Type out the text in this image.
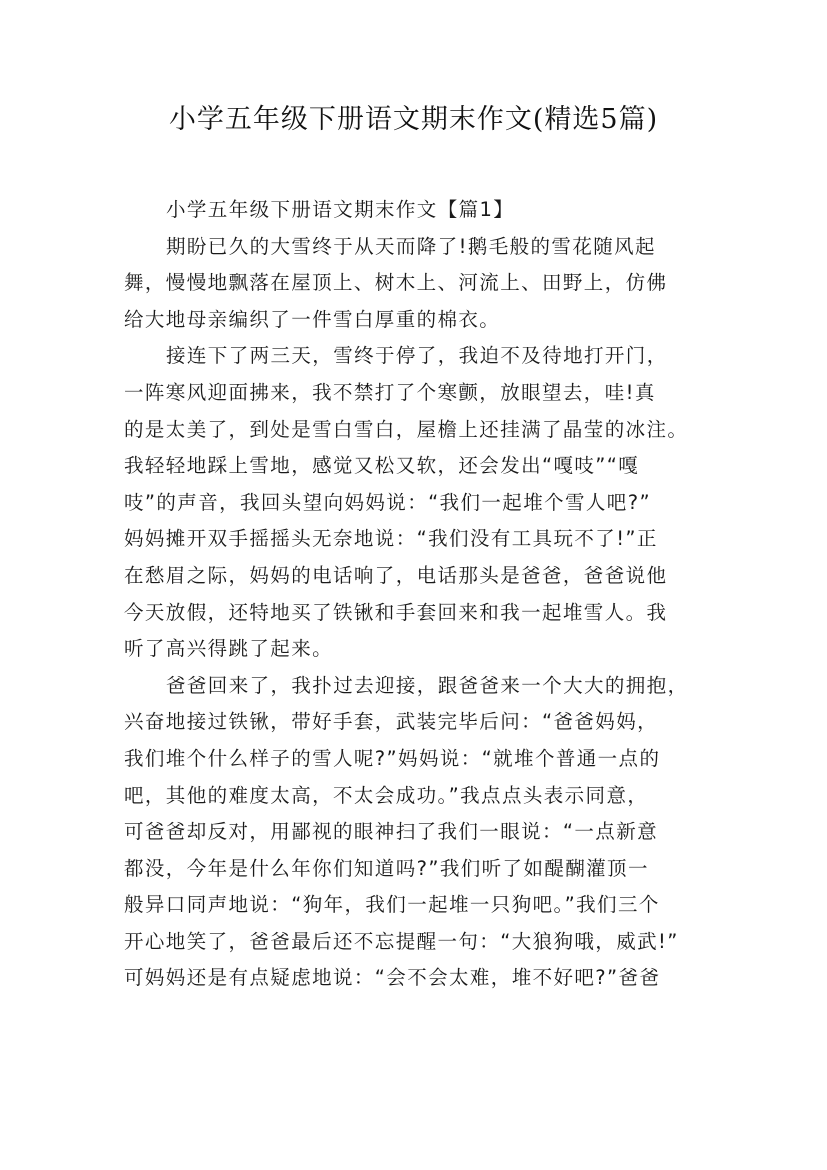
小学五年级下册语文期末作文(精选5篇)
小学五年级下册语文期末作文【篇1】
期盼已久的大雪终于从天而降了!鹅毛般的雪花随风起
舞，慢慢地飘落在屋顶上、树木上、河流上、田野上，仿佛
给大地母亲编织了一件雪白厚重的棉衣。
接连下了两三天，雪终于停了，我迫不及待地打开门，
一阵寒风迎面拂来，我不禁打了个寒颤，放眼望去，哇!真
的是太美了，到处是雪白雪白，屋檐上还挂满了晶莹的冰注。
我轻轻地踩上雪地，感觉又松又软，还会发出“嘎吱”“嘎
吱”的声音，我回头望向妈妈说：“我们一起堆个雪人吧?”
妈妈摊开双手摇摇头无奈地说：“我们没有工具玩不了!”正
在愁眉之际，妈妈的电话响了，电话那头是爸爸，爸爸说他
今天放假，还特地买了铁锹和手套回来和我一起堆雪人。我
听了高兴得跳了起来。
爸爸回来了，我扑过去迎接，跟爸爸来一个大大的拥抱，
兴奋地接过铁锹，带好手套，武装完毕后问：“爸爸妈妈，
我们堆个什么样子的雪人呢?”妈妈说：“就堆个普通一点的
吧，其他的难度太高，不太会成功。”我点点头表示同意，
可爸爸却反对，用鄙视的眼神扫了我们一眼说：“一点新意
都没，今年是什么年你们知道吗?”我们听了如醍醐灌顶一
般异口同声地说：“狗年，我们一起堆一只狗吧。”我们三个
开心地笑了，爸爸最后还不忘提醒一句：“大狼狗哦，威武!”
可妈妈还是有点疑虑地说：“会不会太难，堆不好吧?”爸爸
